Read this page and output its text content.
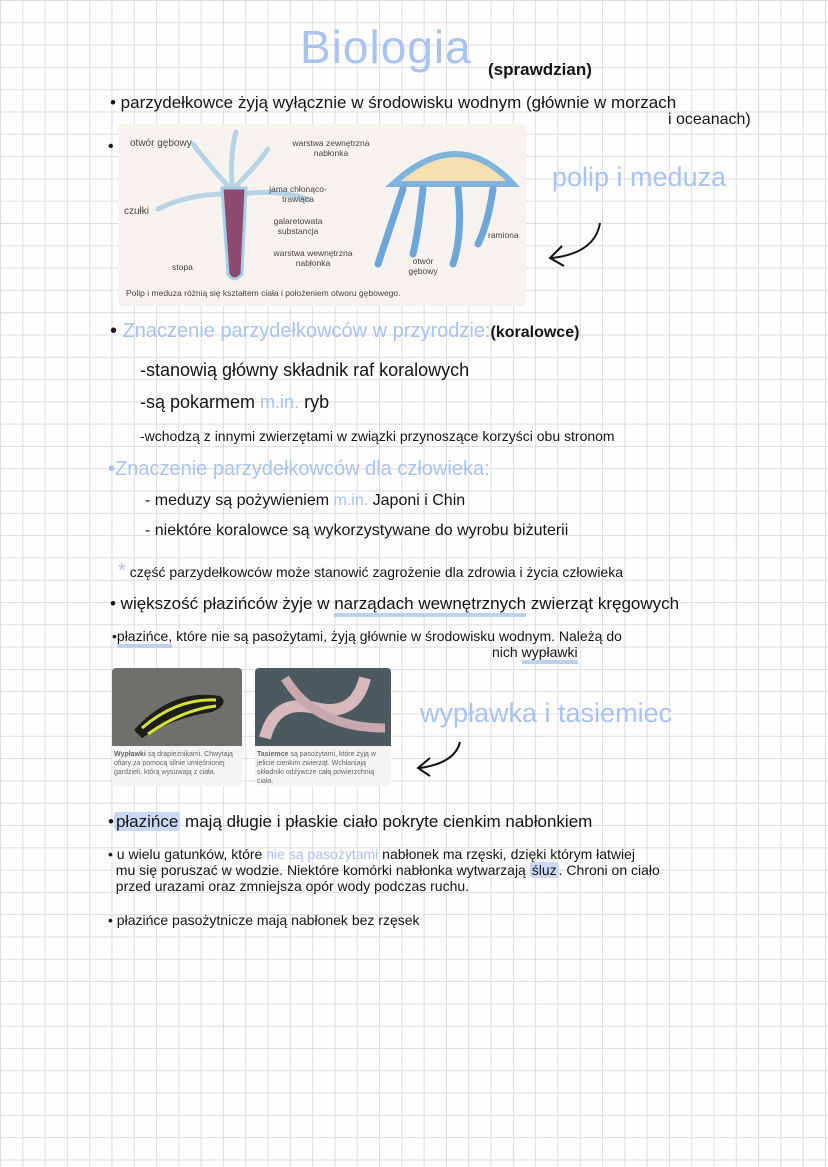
Biologia (sprawdzian)
• parzydełkowce żyją wyłącznie w środowisku wodnym (głównie w morzach
i oceanach)
• otwór gębowy	warstwa zewnętrzna nabłonka
czułki
jama chłonąco-trawiąca
galaretowata substancja	ramiona
warstwa wewnętrzna nabłonka
stopa
otwór gębowy
Polip i meduza różnią się kształtem ciała i położeniem otworu gębowego.
polip i meduza
• Znaczenie parzydełkowców w przyrodzie:(koralowce)
-stanowią główny składnik raf koralowych
-są pokarmem m.in. ryb
-wchodzą z innymi zwierzętami w związki przynoszące korzyści obu stronom
•Znaczenie parzydełkowców dla człowieka:
- meduzy są pożywieniem m.in. Japoni i Chin
- niektóre koralowce są wykorzystywane do wyrobu biżuterii
* część parzydełkowców może stanowić zagrożenie dla zdrowia i życia człowieka
• większość płazińców żyje w narządach wewnętrznych zwierząt kręgowych
•płazińce, które nie są pasożytami, żyją głównie w środowisku wodnym. Należą do
nich wypławki
Wypławki są drapieżnikami. Chwytają ofiary za pomocą silnie umięśnionej gardzieli, którą wysuwają z ciała.
Tasiemce są pasożytami, które żyją w jelicie cienkim zwierząt. Wchłaniają składniki odżywcze całą powierzchnią ciała.
wypławka i tasiemiec
• płazińce mają długie i płaskie ciało pokryte cienkim nabłonkiem
• u wielu gatunków, które nie są pasożytami nabłonek ma rzęski, dzięki którym łatwiej
mu się poruszać w wodzie. Niektóre komórki nabłonka wytwarzają śluz . Chroni on ciało
przed urazami oraz zmniejsza opór wody podczas ruchu.
• płazińce pasożytnicze mają nabłonek bez rzęsek
